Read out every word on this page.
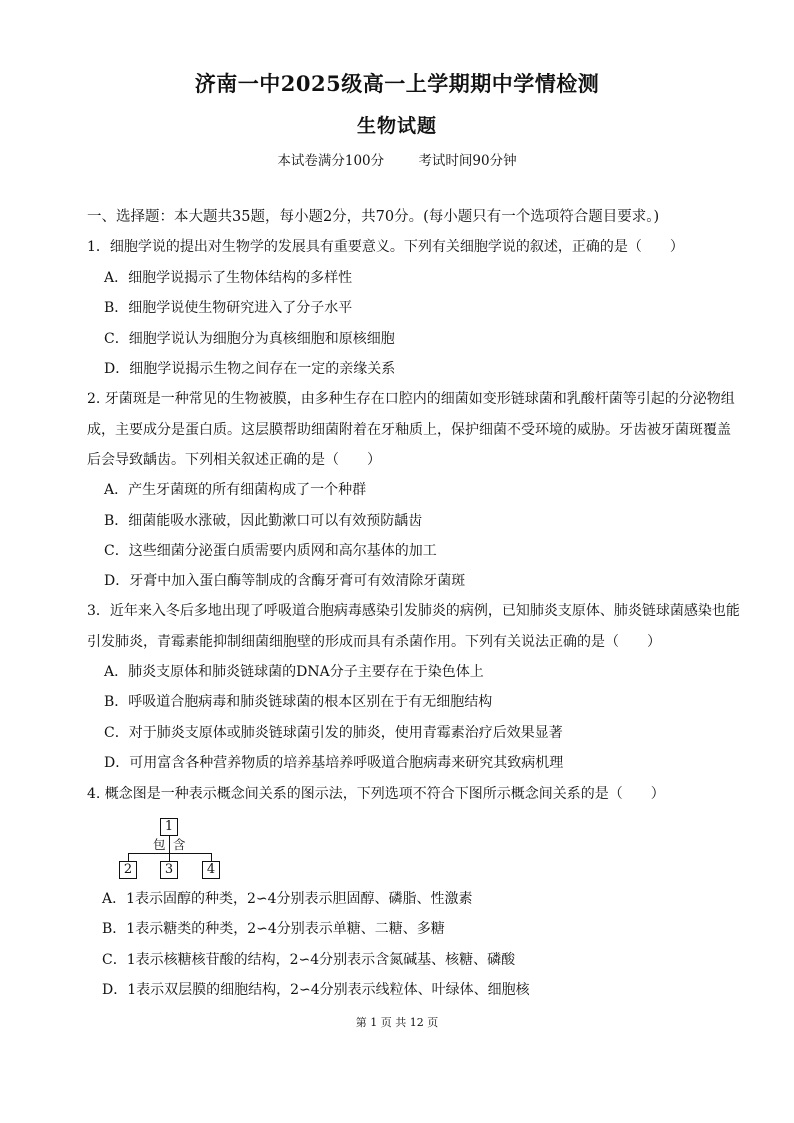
济南一中2025级高一上学期期中学情检测
生物试题
本试卷满分100分	考试时间90分钟
一、选择题：本大题共35题，每小题2分，共70分。(每小题只有一个选项符合题目要求。)
1．细胞学说的提出对生物学的发展具有重要意义。下列有关细胞学说的叙述，正确的是（　　）
A．细胞学说揭示了生物体结构的多样性
B．细胞学说使生物研究进入了分子水平
C．细胞学说认为细胞分为真核细胞和原核细胞
D．细胞学说揭示生物之间存在一定的亲缘关系
2. 牙菌斑是一种常见的生物被膜，由多种生存在口腔内的细菌如变形链球菌和乳酸杆菌等引起的分泌物组
成，主要成分是蛋白质。这层膜帮助细菌附着在牙釉质上，保护细菌不受环境的威胁。牙齿被牙菌斑覆盖
后会导致龋齿。下列相关叙述正确的是（　　）
A．产生牙菌斑的所有细菌构成了一个种群
B．细菌能吸水涨破，因此勤漱口可以有效预防龋齿
C．这些细菌分泌蛋白质需要内质网和高尔基体的加工
D．牙膏中加入蛋白酶等制成的含酶牙膏可有效清除牙菌斑
3．近年来入冬后多地出现了呼吸道合胞病毒感染引发肺炎的病例，已知肺炎支原体、肺炎链球菌感染也能
引发肺炎，青霉素能抑制细菌细胞壁的形成而具有杀菌作用。下列有关说法正确的是（　　）
A．肺炎支原体和肺炎链球菌的DNA分子主要存在于染色体上
B．呼吸道合胞病毒和肺炎链球菌的根本区别在于有无细胞结构
C．对于肺炎支原体或肺炎链球菌引发的肺炎，使用青霉素治疗后效果显著
D．可用富含各种营养物质的培养基培养呼吸道合胞病毒来研究其致病机理
4. 概念图是一种表示概念间关系的图示法，下列选项不符合下图所示概念间关系的是（　　）
1
包 含
2	3	4
A．1表示固醇的种类，2∽4分别表示胆固醇、磷脂、性激素
B．1表示糖类的种类，2∽4分别表示单糖、二糖、多糖
C．1表示核糖核苷酸的结构，2∽4分别表示含氮碱基、核糖、磷酸
D．1表示双层膜的细胞结构，2∽4分别表示线粒体、叶绿体、细胞核
第 1 页 共 12 页
